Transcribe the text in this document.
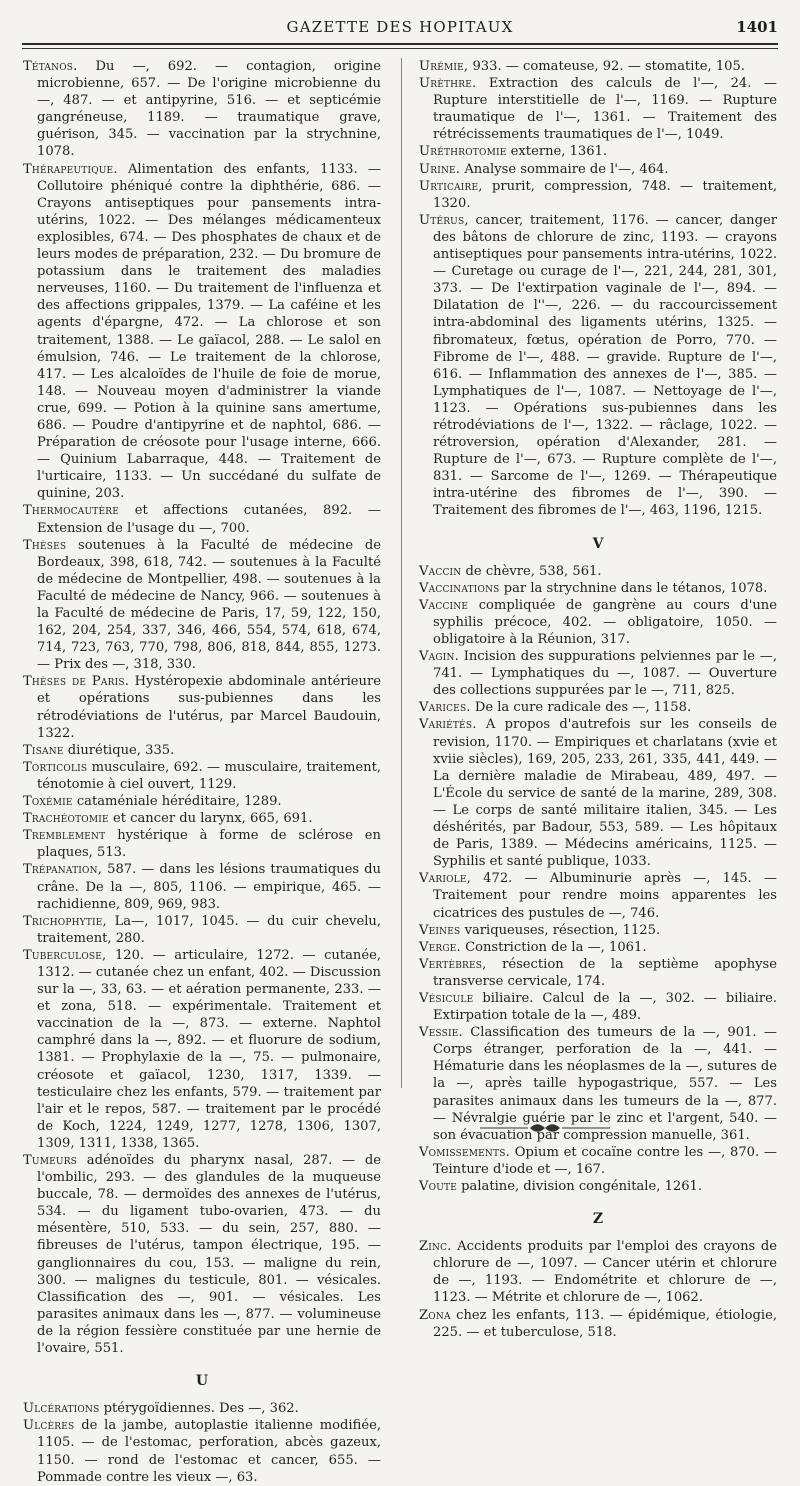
GAZETTE DES HOPITAUX	1401

Tétanos. Du —, 692. — contagion, origine microbienne, 657. — De l'origine microbienne du —, 487. — et antipyrine, 516. — et septicémie gangréneuse, 1189. — traumatique grave, guérison, 345. — vaccination par la strychnine, 1078.

Thérapeutique. Alimentation des enfants, 1133. — Collutoire phéniqué contre la diphthérie, 686. — Crayons antiseptiques pour pansements intra-utérins, 1022. — Des mélanges médicamenteux explosibles, 674. — Des phosphates de chaux et de leurs modes de préparation, 232. — Du bromure de potassium dans le traitement des maladies nerveuses, 1160. — Du traitement de l'influenza et des affections grippales, 1379. — La caféine et les agents d'épargne, 472. — La chlorose et son traitement, 1388. — Le gaïacol, 288. — Le salol en émulsion, 746. — Le traitement de la chlorose, 417. — Les alcaloïdes de l'huile de foie de morue, 148. — Nouveau moyen d'administrer la viande crue, 699. — Potion à la quinine sans amertume, 686. — Poudre d'antipyrine et de naphtol, 686. — Préparation de créosote pour l'usage interne, 666. — Quinium Labarraque, 448. — Traitement de l'urticaire, 1133. — Un succédané du sulfate de quinine, 203.

Thermocautère et affections cutanées, 892. — Extension de l'usage du —, 700.

Thèses soutenues à la Faculté de médecine de Bordeaux, 398, 618, 742. — soutenues à la Faculté de médecine de Montpellier, 498. — soutenues à la Faculté de médecine de Nancy, 966. — soutenues à la Faculté de médecine de Paris, 17, 59, 122, 150, 162, 204, 254, 337, 346, 466, 554, 574, 618, 674, 714, 723, 763, 770, 798, 806, 818, 844, 855, 1273. — Prix des —, 318, 330.

Thèses de Paris. Hystéropexie abdominale antérieure et opérations sus-pubiennes dans les rétrodéviations de l'utérus, par Marcel Baudouin, 1322.

Tisane diurétique, 335.

Torticolis musculaire, 692. — musculaire, traitement, ténotomie à ciel ouvert, 1129.

Toxémie cataméniale héréditaire, 1289.

Trachéotomie et cancer du larynx, 665, 691.

Tremblement hystérique à forme de sclérose en plaques, 513.

Trépanation, 587. — dans les lésions traumatiques du crâne. De la —, 805, 1106. — empirique, 465. — rachidienne, 809, 969, 983.

Trichophytie, La—, 1017, 1045. — du cuir chevelu, traitement, 280.

Tuberculose, 120. — articulaire, 1272. — cutanée, 1312. — cutanée chez un enfant, 402. — Discussion sur la —, 33, 63. — et aération permanente, 233. — et zona, 518. — expérimentale. Traitement et vaccination de la —, 873. — externe. Naphtol camphré dans la —, 892. — et fluorure de sodium, 1381. — Prophylaxie de la —, 75. — pulmonaire, créosote et gaïacol, 1230, 1317, 1339. — testiculaire chez les enfants, 579. — traitement par l'air et le repos, 587. — traitement par le procédé de Koch, 1224, 1249, 1277, 1278, 1306, 1307, 1309, 1311, 1338, 1365.

Tumeurs adénoïdes du pharynx nasal, 287. — de l'ombilic, 293. — des glandules de la muqueuse buccale, 78. — dermoïdes des annexes de l'utérus, 534. — du ligament tubo-ovarien, 473. — du mésentère, 510, 533. — du sein, 257, 880. — fibreuses de l'utérus, tampon électrique, 195. — ganglionnaires du cou, 153. — maligne du rein, 300. — malignes du testicule, 801. — vésicales. Classification des —, 901. — vésicales. Les parasites animaux dans les —, 877. — volumineuse de la région fessière constituée par une hernie de l'ovaire, 551.

U

Ulcérations ptérygoïdiennes. Des —, 362.

Ulcères de la jambe, autoplastie italienne modifiée, 1105. — de l'estomac, perforation, abcès gazeux, 1150. — rond de l'estomac et cancer, 655. — Pommade contre les vieux —, 63.

Urémie, 933. — comateuse, 92. — stomatite, 105.

Urèthre. Extraction des calculs de l'—, 24. — Rupture interstitielle de l'—, 1169. — Rupture traumatique de l'—, 1361. — Traitement des rétrécissements traumatiques de l'—, 1049.

Uréthrotomie externe, 1361.

Urine. Analyse sommaire de l'—, 464.

Urticaire, prurit, compression, 748. — traitement, 1320.

Utérus, cancer, traitement, 1176. — cancer, danger des bâtons de chlorure de zinc, 1193. — crayons antiseptiques pour pansements intra-utérins, 1022. — Curetage ou curage de l'—, 221, 244, 281, 301, 373. — De l'extirpation vaginale de l'—, 894. — Dilatation de l''—, 226. — du raccourcissement intra-abdominal des ligaments utérins, 1325. — fibromateux, fœtus, opération de Porro, 770. — Fibrome de l'—, 488. — gravide. Rupture de l'—, 616. — Inflammation des annexes de l'—, 385. — Lymphatiques de l'—, 1087. — Nettoyage de l'—, 1123. — Opérations sus-pubiennes dans les rétrodéviations de l'—, 1322. — râclage, 1022. — rétroversion, opération d'Alexander, 281. — Rupture de l'—, 673. — Rupture complète de l'—, 831. — Sarcome de l'—, 1269. — Thérapeutique intra-utérine des fibromes de l'—, 390. — Traitement des fibromes de l'—, 463, 1196, 1215.

V

Vaccin de chèvre, 538, 561.

Vaccinations par la strychnine dans le tétanos, 1078.

Vaccine compliquée de gangrène au cours d'une syphilis précoce, 402. — obligatoire, 1050. — obligatoire à la Réunion, 317.

Vagin. Incision des suppurations pelviennes par le —, 741. — Lymphatiques du —, 1087. — Ouverture des collections suppurées par le —, 711, 825.

Varices. De la cure radicale des —, 1158.

Variétés. A propos d'autrefois sur les conseils de revision, 1170. — Empiriques et charlatans (xvie et xviie siècles), 169, 205, 233, 261, 335, 441, 449. — La dernière maladie de Mirabeau, 489, 497. — L'École du service de santé de la marine, 289, 308. — Le corps de santé militaire italien, 345. — Les déshérités, par Badour, 553, 589. — Les hôpitaux de Paris, 1389. — Médecins américains, 1125. — Syphilis et santé publique, 1033.

Variole, 472. — Albuminurie après —, 145. — Traitement pour rendre moins apparentes les cicatrices des pustules de —, 746.

Veines variqueuses, résection, 1125.

Verge. Constriction de la —, 1061.

Vertèbres, résection de la septième apophyse transverse cervicale, 174.

Vésicule biliaire. Calcul de la —, 302. — biliaire. Extirpation totale de la —, 489.

Vessie. Classification des tumeurs de la —, 901. — Corps étranger, perforation de la —, 441. — Hématurie dans les néoplasmes de la —, sutures de la —, après taille hypogastrique, 557. — Les parasites animaux dans les tumeurs de la —, 877. — Névralgie guérie par le zinc et l'argent, 540. — son évacuation par compression manuelle, 361.

Vomissements. Opium et cocaïne contre les —, 870. — Teinture d'iode et —, 167.

Voute palatine, division congénitale, 1261.

Z

Zinc. Accidents produits par l'emploi des crayons de chlorure de —, 1097. — Cancer utérin et chlorure de —, 1193. — Endométrite et chlorure de —, 1123. — Métrite et chlorure de —, 1062.

Zona chez les enfants, 113. — épidémique, étiologie, 225. — et tuberculose, 518.
